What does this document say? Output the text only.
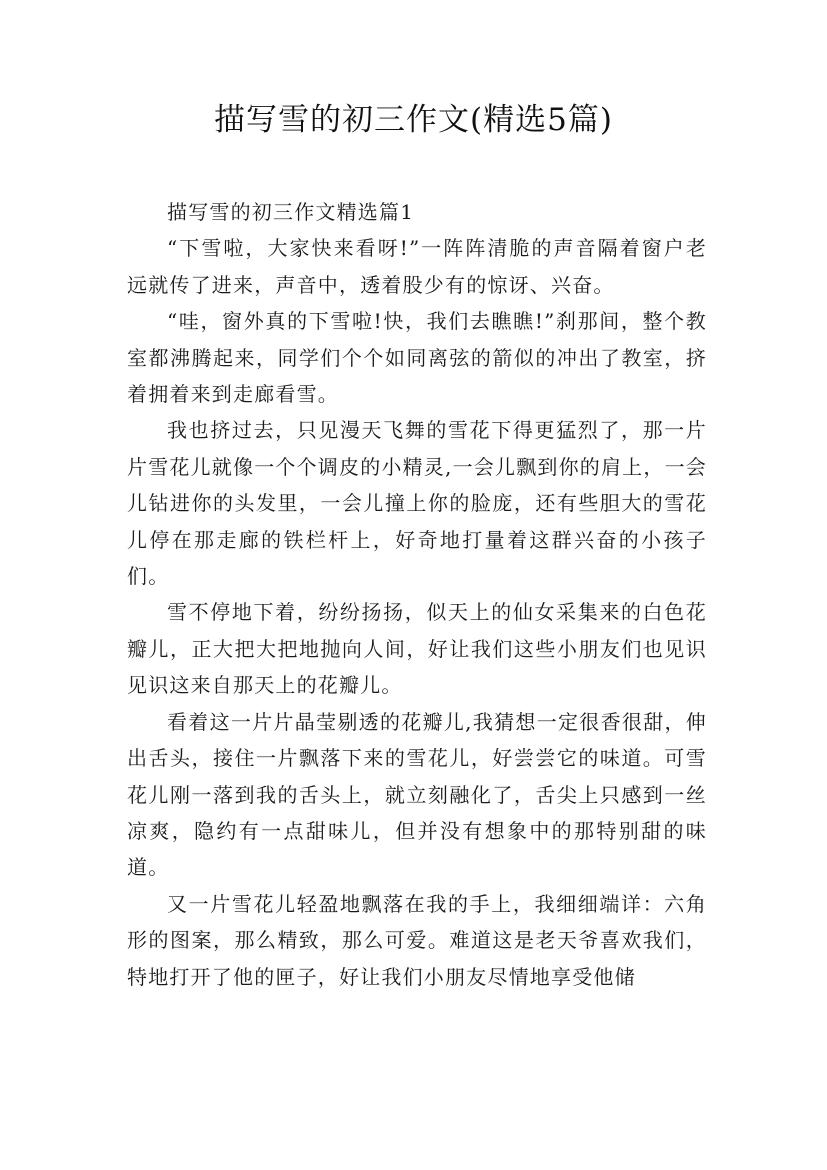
描写雪的初三作文(精选5篇)

描写雪的初三作文精选篇1

“下雪啦，大家快来看呀!”一阵阵清脆的声音隔着窗户老远就传了进来，声音中，透着股少有的惊讶、兴奋。

“哇，窗外真的下雪啦!快，我们去瞧瞧!”刹那间，整个教室都沸腾起来，同学们个个如同离弦的箭似的冲出了教室，挤着拥着来到走廊看雪。

我也挤过去，只见漫天飞舞的雪花下得更猛烈了，那一片片雪花儿就像一个个调皮的小精灵,一会儿飘到你的肩上，一会儿钻进你的头发里，一会儿撞上你的脸庞，还有些胆大的雪花儿停在那走廊的铁栏杆上，好奇地打量着这群兴奋的小孩子们。

雪不停地下着，纷纷扬扬，似天上的仙女采集来的白色花瓣儿，正大把大把地抛向人间，好让我们这些小朋友们也见识见识这来自那天上的花瓣儿。

看着这一片片晶莹剔透的花瓣儿,我猜想一定很香很甜，伸出舌头，接住一片飘落下来的雪花儿，好尝尝它的味道。可雪花儿刚一落到我的舌头上，就立刻融化了，舌尖上只感到一丝凉爽，隐约有一点甜味儿，但并没有想象中的那特别甜的味道。

又一片雪花儿轻盈地飘落在我的手上，我细细端详：六角形的图案，那么精致，那么可爱。难道这是老天爷喜欢我们，特地打开了他的匣子，好让我们小朋友尽情地享受他储
